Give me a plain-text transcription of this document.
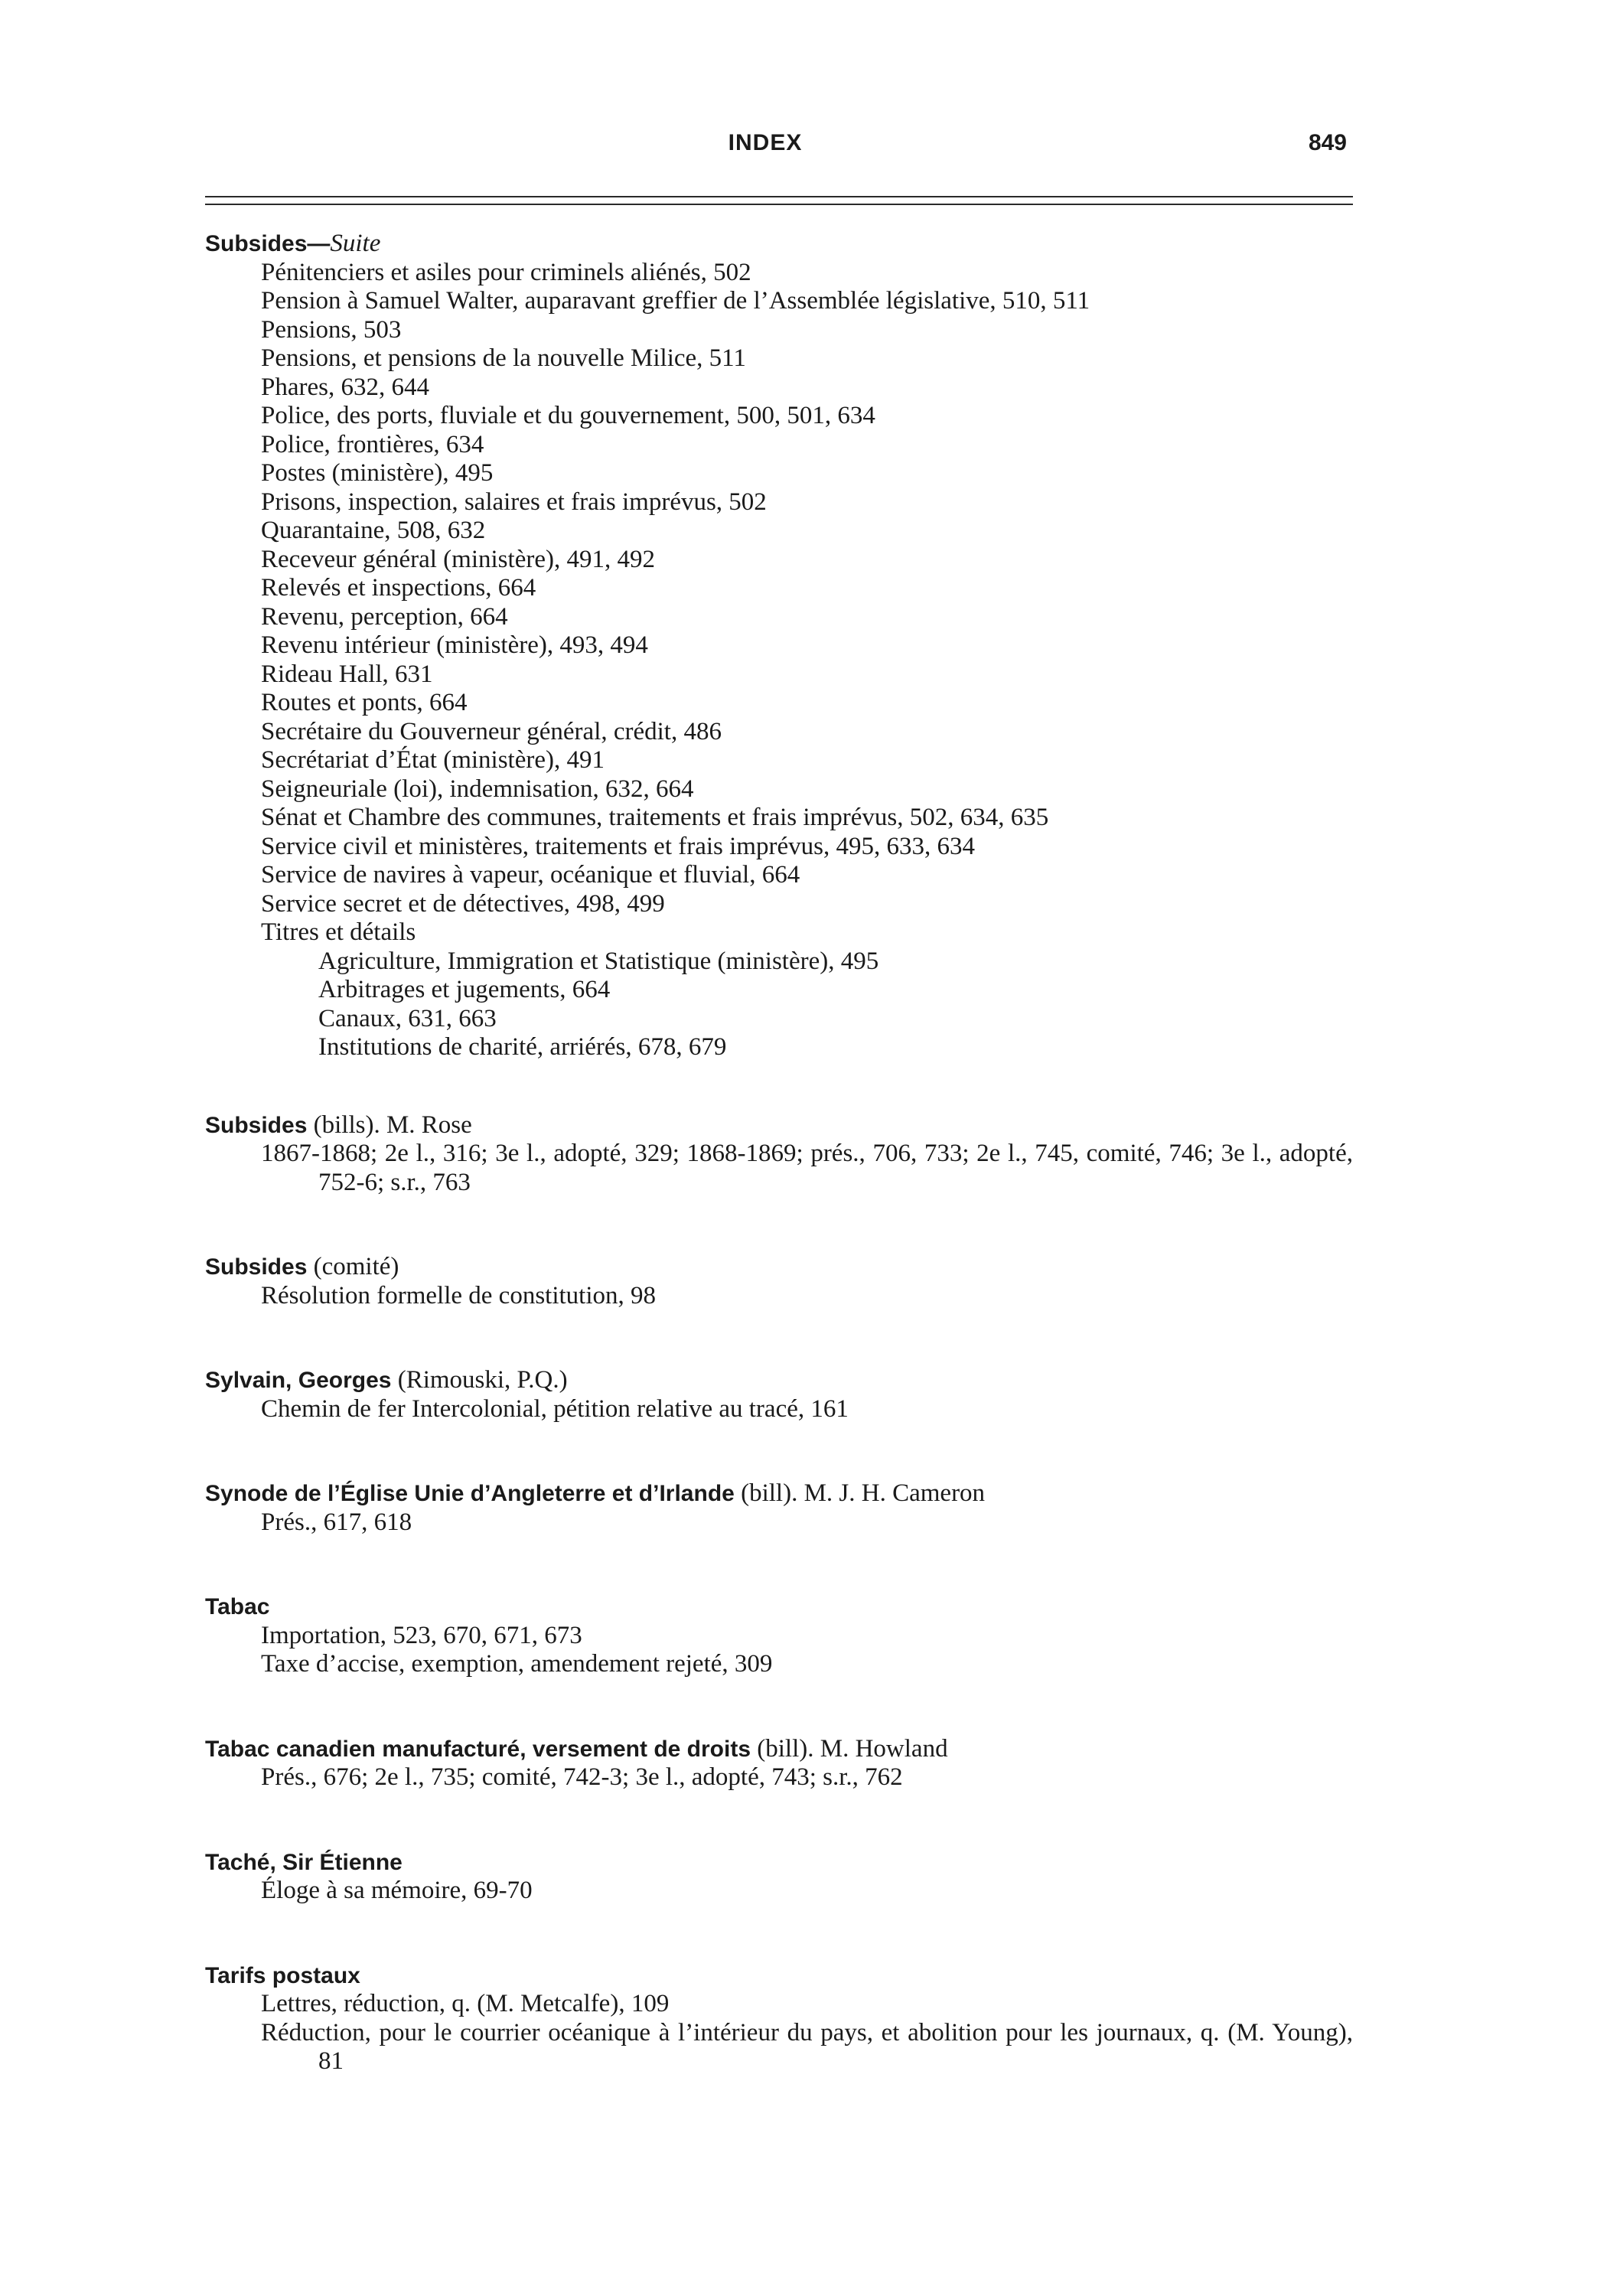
INDEX	849
Subsides—Suite
Pénitenciers et asiles pour criminels aliénés, 502
Pension à Samuel Walter, auparavant greffier de l’Assemblée législative, 510, 511
Pensions, 503
Pensions, et pensions de la nouvelle Milice, 511
Phares, 632, 644
Police, des ports, fluviale et du gouvernement, 500, 501, 634
Police, frontières, 634
Postes (ministère), 495
Prisons, inspection, salaires et frais imprévus, 502
Quarantaine, 508, 632
Receveur général (ministère), 491, 492
Relevés et inspections, 664
Revenu, perception, 664
Revenu intérieur (ministère), 493, 494
Rideau Hall, 631
Routes et ponts, 664
Secrétaire du Gouverneur général, crédit, 486
Secrétariat d’État (ministère), 491
Seigneuriale (loi), indemnisation, 632, 664
Sénat et Chambre des communes, traitements et frais imprévus, 502, 634, 635
Service civil et ministères, traitements et frais imprévus, 495, 633, 634
Service de navires à vapeur, océanique et fluvial, 664
Service secret et de détectives, 498, 499
Titres et détails
Agriculture, Immigration et Statistique (ministère), 495
Arbitrages et jugements, 664
Canaux, 631, 663
Institutions de charité, arriérés, 678, 679
Subsides (bills). M. Rose
1867-1868; 2e l., 316; 3e l., adopté, 329; 1868-1869; prés., 706, 733; 2e l., 745, comité, 746; 3e l., adopté, 752-6; s.r., 763
Subsides (comité)
Résolution formelle de constitution, 98
Sylvain, Georges (Rimouski, P.Q.)
Chemin de fer Intercolonial, pétition relative au tracé, 161
Synode de l’Église Unie d’Angleterre et d’Irlande (bill). M. J. H. Cameron
Prés., 617, 618
Tabac
Importation, 523, 670, 671, 673
Taxe d’accise, exemption, amendement rejeté, 309
Tabac canadien manufacturé, versement de droits (bill). M. Howland
Prés., 676; 2e l., 735; comité, 742-3; 3e l., adopté, 743; s.r., 762
Taché, Sir Étienne
Éloge à sa mémoire, 69-70
Tarifs postaux
Lettres, réduction, q. (M. Metcalfe), 109
Réduction, pour le courrier océanique à l’intérieur du pays, et abolition pour les journaux, q. (M. Young), 81
